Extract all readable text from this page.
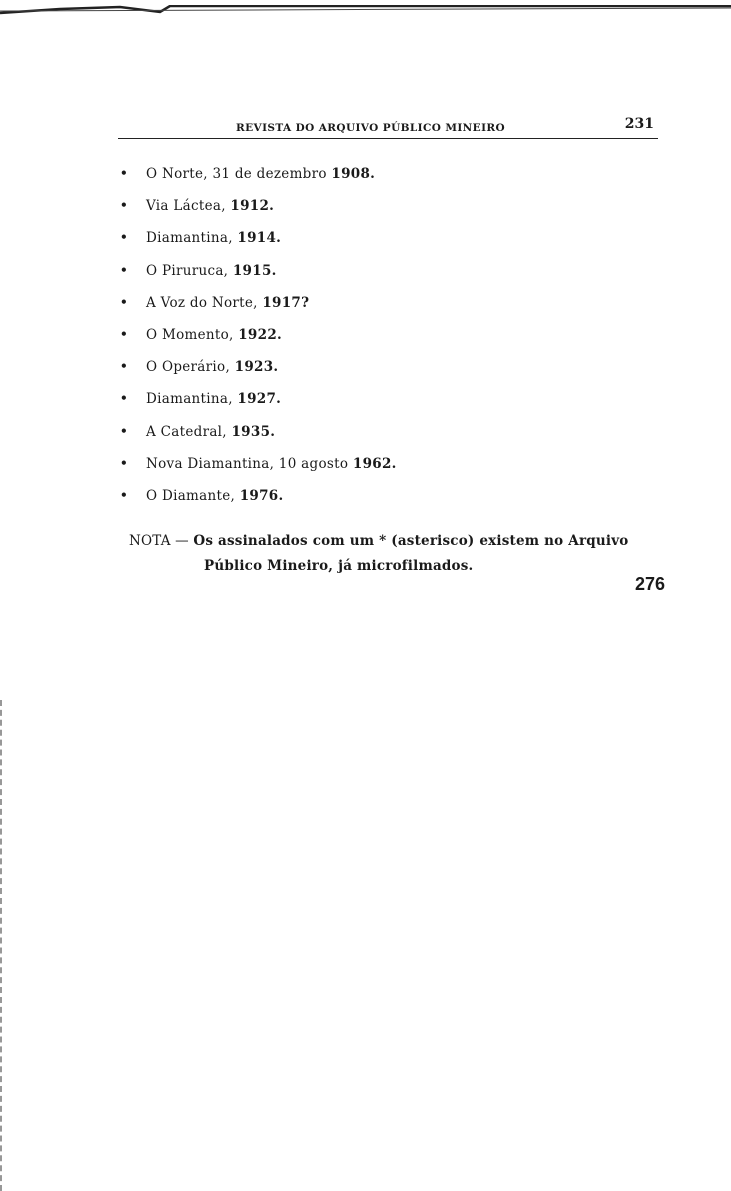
REVISTA DO ARQUIVO PÚBLICO MINEIRO	231
•	O Norte, 31 de dezembro
1908.
•	Via Láctea,
1912.
•	Diamantina,
1914.
•	O Piruruca,
1915.
•	A Voz do Norte,
1917?
•	O Momento,
1922.
•	O Operário,
1923.
•	Diamantina,
1927.
•	A Catedral,
1935.
•	Nova Diamantina, 10 agosto
1962.
•	O Diamante,
1976.
NOTA — Os assinalados com um * (asterisco) existem no Arquivo
Público Mineiro, já microfilmados.
276
